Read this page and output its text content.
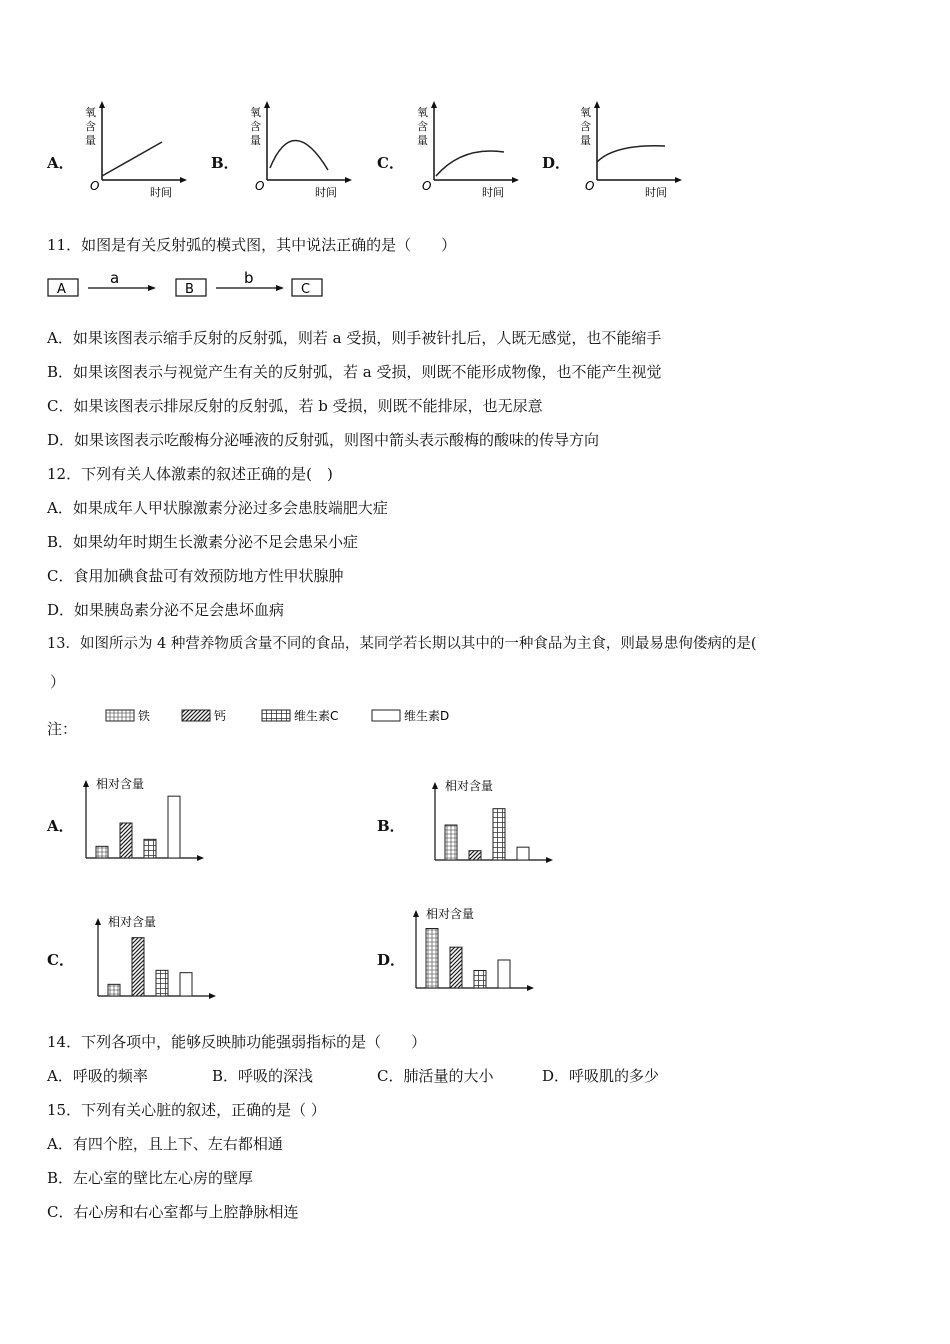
A．	B．	C．	D．
氧
含
量
O	时间
氧
含
量
O	时间
氧
含
量
O	时间
氧
含
量
O	时间
11．如图是有关反射弧的模式图，其中说法正确的是（　　）
A
a
B
b
C
A．如果该图表示缩手反射的反射弧，则若 a 受损，则手被针扎后，人既无感觉，也不能缩手
B．如果该图表示与视觉产生有关的反射弧，若 a 受损，则既不能形成物像，也不能产生视觉
C．如果该图表示排尿反射的反射弧，若 b 受损，则既不能排尿，也无尿意
D．如果该图表示吃酸梅分泌唾液的反射弧，则图中箭头表示酸梅的酸味的传导方向
12．下列有关人体激素的叙述正确的是(　)
A．如果成年人甲状腺激素分泌过多会患肢端肥大症
B．如果幼年时期生长激素分泌不足会患呆小症
C．食用加碘食盐可有效预防地方性甲状腺肿
D．如果胰岛素分泌不足会患坏血病
13．如图所示为 4 种营养物质含量不同的食品，某同学若长期以其中的一种食品为主食，则最易患佝偻病的是(
）
注：
铁	钙	维生素C	维生素D
A．	B．
C．	D．
相对含量	相对含量
相对含量
相对含量
14．下列各项中，能够反映肺功能强弱指标的是（　　）
A．呼吸的频率	B．呼吸的深浅	C．肺活量的大小	D．呼吸肌的多少
15．下列有关心脏的叙述，正确的是（ ）
A．有四个腔，且上下、左右都相通
B．左心室的壁比左心房的壁厚
C．右心房和右心室都与上腔静脉相连
